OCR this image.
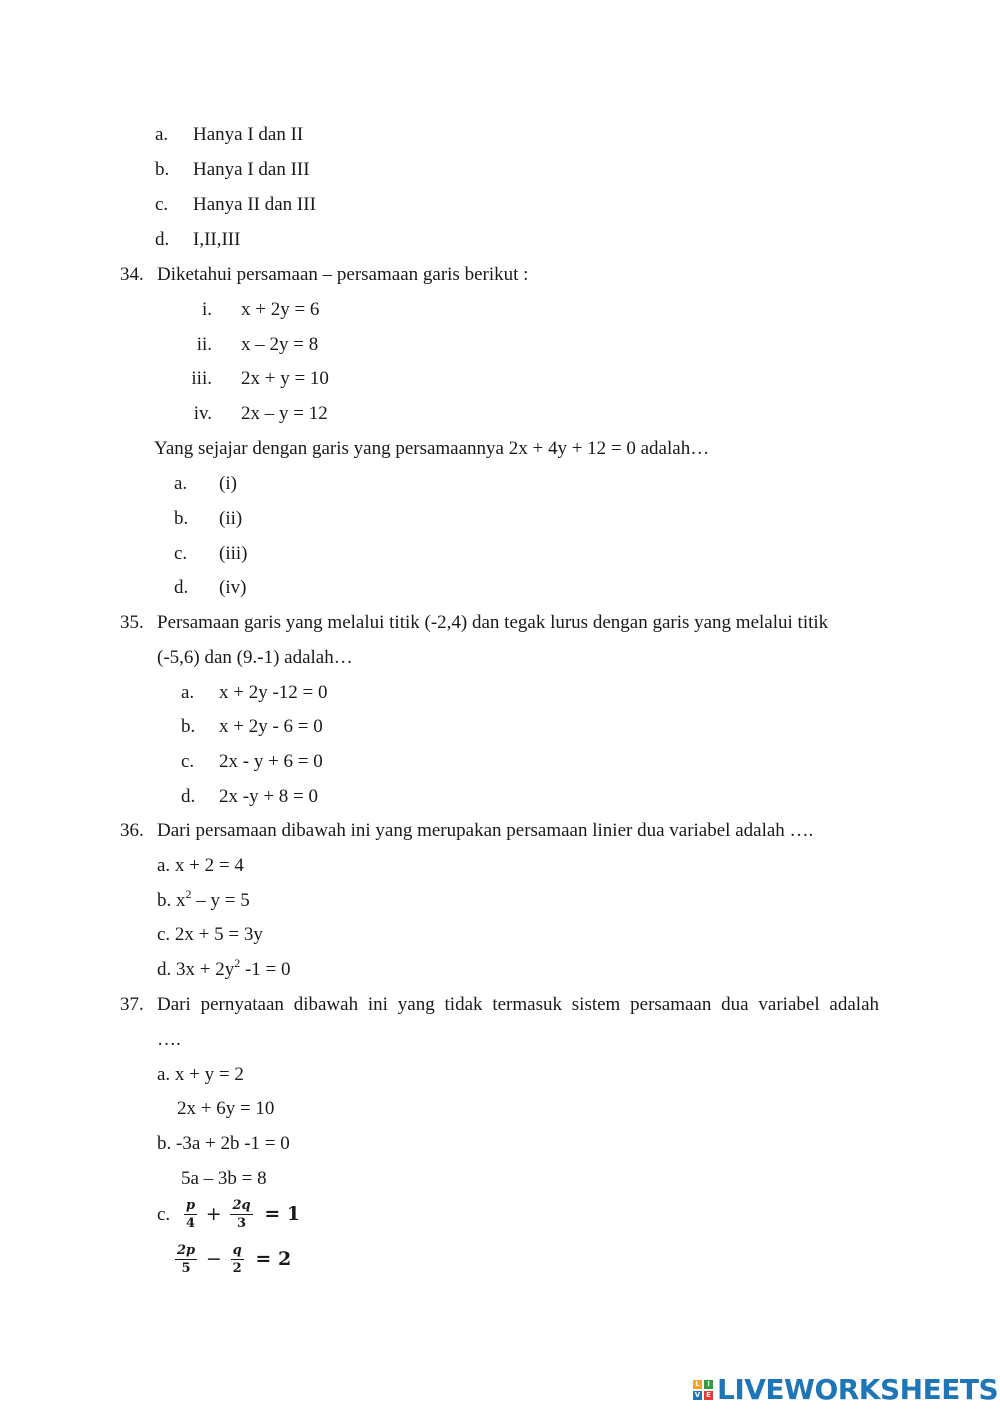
a. Hanya I dan II
b. Hanya I dan III
c. Hanya II dan III
d. I,II,III
34. Diketahui persamaan – persamaan garis berikut :
i. x + 2y = 6
ii. x – 2y = 8
iii. 2x + y = 10
iv. 2x – y = 12
Yang sejajar dengan garis yang persamaannya 2x + 4y + 12 = 0 adalah…
a. (i)
b. (ii)
c. (iii)
d. (iv)
35. Persamaan garis yang melalui titik (-2,4) dan tegak lurus dengan garis yang melalui titik
(-5,6) dan (9.-1) adalah…
a. x + 2y -12 = 0
b. x + 2y - 6 = 0
c. 2x - y + 6 = 0
d. 2x -y + 8 = 0
36. Dari persamaan dibawah ini yang merupakan persamaan linier dua variabel adalah ….
a. x + 2 = 4
b. $x^2 - y = 5$
c. 2x + 5 = 3y
d. $3x + 2y^2$ -1 = 0
37. Dari pernyataan dibawah ini yang tidak termasuk sistem persamaan dua variabel adalah
….
a. x + y = 2
2x + 6y = 10
b. -3a + 2b -1 = 0
5a – 3b = 8
c. $\frac{p}{4} + \frac{2q}{3} = 1$
$\frac{2p}{5} - \frac{q}{2} = 2$
L	I
V E LIVEWORKSHEETS
